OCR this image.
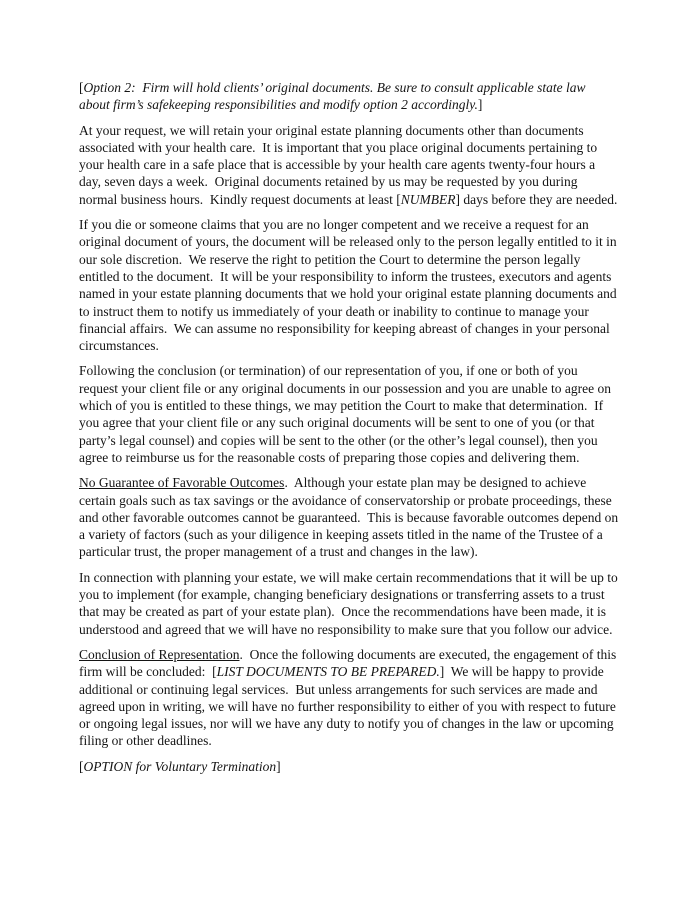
[Option 2:  Firm will hold clients’ original documents. Be sure to consult applicable state law about firm’s safekeeping responsibilities and modify option 2 accordingly.]

At your request, we will retain your original estate planning documents other than documents associated with your health care.  It is important that you place original documents pertaining to your health care in a safe place that is accessible by your health care agents twenty-four hours a day, seven days a week.  Original documents retained by us may be requested by you during normal business hours.  Kindly request documents at least [NUMBER] days before they are needed.

If you die or someone claims that you are no longer competent and we receive a request for an original document of yours, the document will be released only to the person legally entitled to it in our sole discretion.  We reserve the right to petition the Court to determine the person legally entitled to the document.  It will be your responsibility to inform the trustees, executors and agents named in your estate planning documents that we hold your original estate planning documents and to instruct them to notify us immediately of your death or inability to continue to manage your financial affairs.  We can assume no responsibility for keeping abreast of changes in your personal circumstances.

Following the conclusion (or termination) of our representation of you, if one or both of you request your client file or any original documents in our possession and you are unable to agree on which of you is entitled to these things, we may petition the Court to make that determination.  If you agree that your client file or any such original documents will be sent to one of you (or that party’s legal counsel) and copies will be sent to the other (or the other’s legal counsel), then you agree to reimburse us for the reasonable costs of preparing those copies and delivering them.

No Guarantee of Favorable Outcomes.  Although your estate plan may be designed to achieve certain goals such as tax savings or the avoidance of conservatorship or probate proceedings, these and other favorable outcomes cannot be guaranteed.  This is because favorable outcomes depend on a variety of factors (such as your diligence in keeping assets titled in the name of the Trustee of a particular trust, the proper management of a trust and changes in the law).

In connection with planning your estate, we will make certain recommendations that it will be up to you to implement (for example, changing beneficiary designations or transferring assets to a trust that may be created as part of your estate plan).  Once the recommendations have been made, it is understood and agreed that we will have no responsibility to make sure that you follow our advice.

Conclusion of Representation.  Once the following documents are executed, the engagement of this firm will be concluded:  [LIST DOCUMENTS TO BE PREPARED.]  We will be happy to provide additional or continuing legal services.  But unless arrangements for such services are made and agreed upon in writing, we will have no further responsibility to either of you with respect to future or ongoing legal issues, nor will we have any duty to notify you of changes in the law or upcoming filing or other deadlines.

[OPTION for Voluntary Termination]
